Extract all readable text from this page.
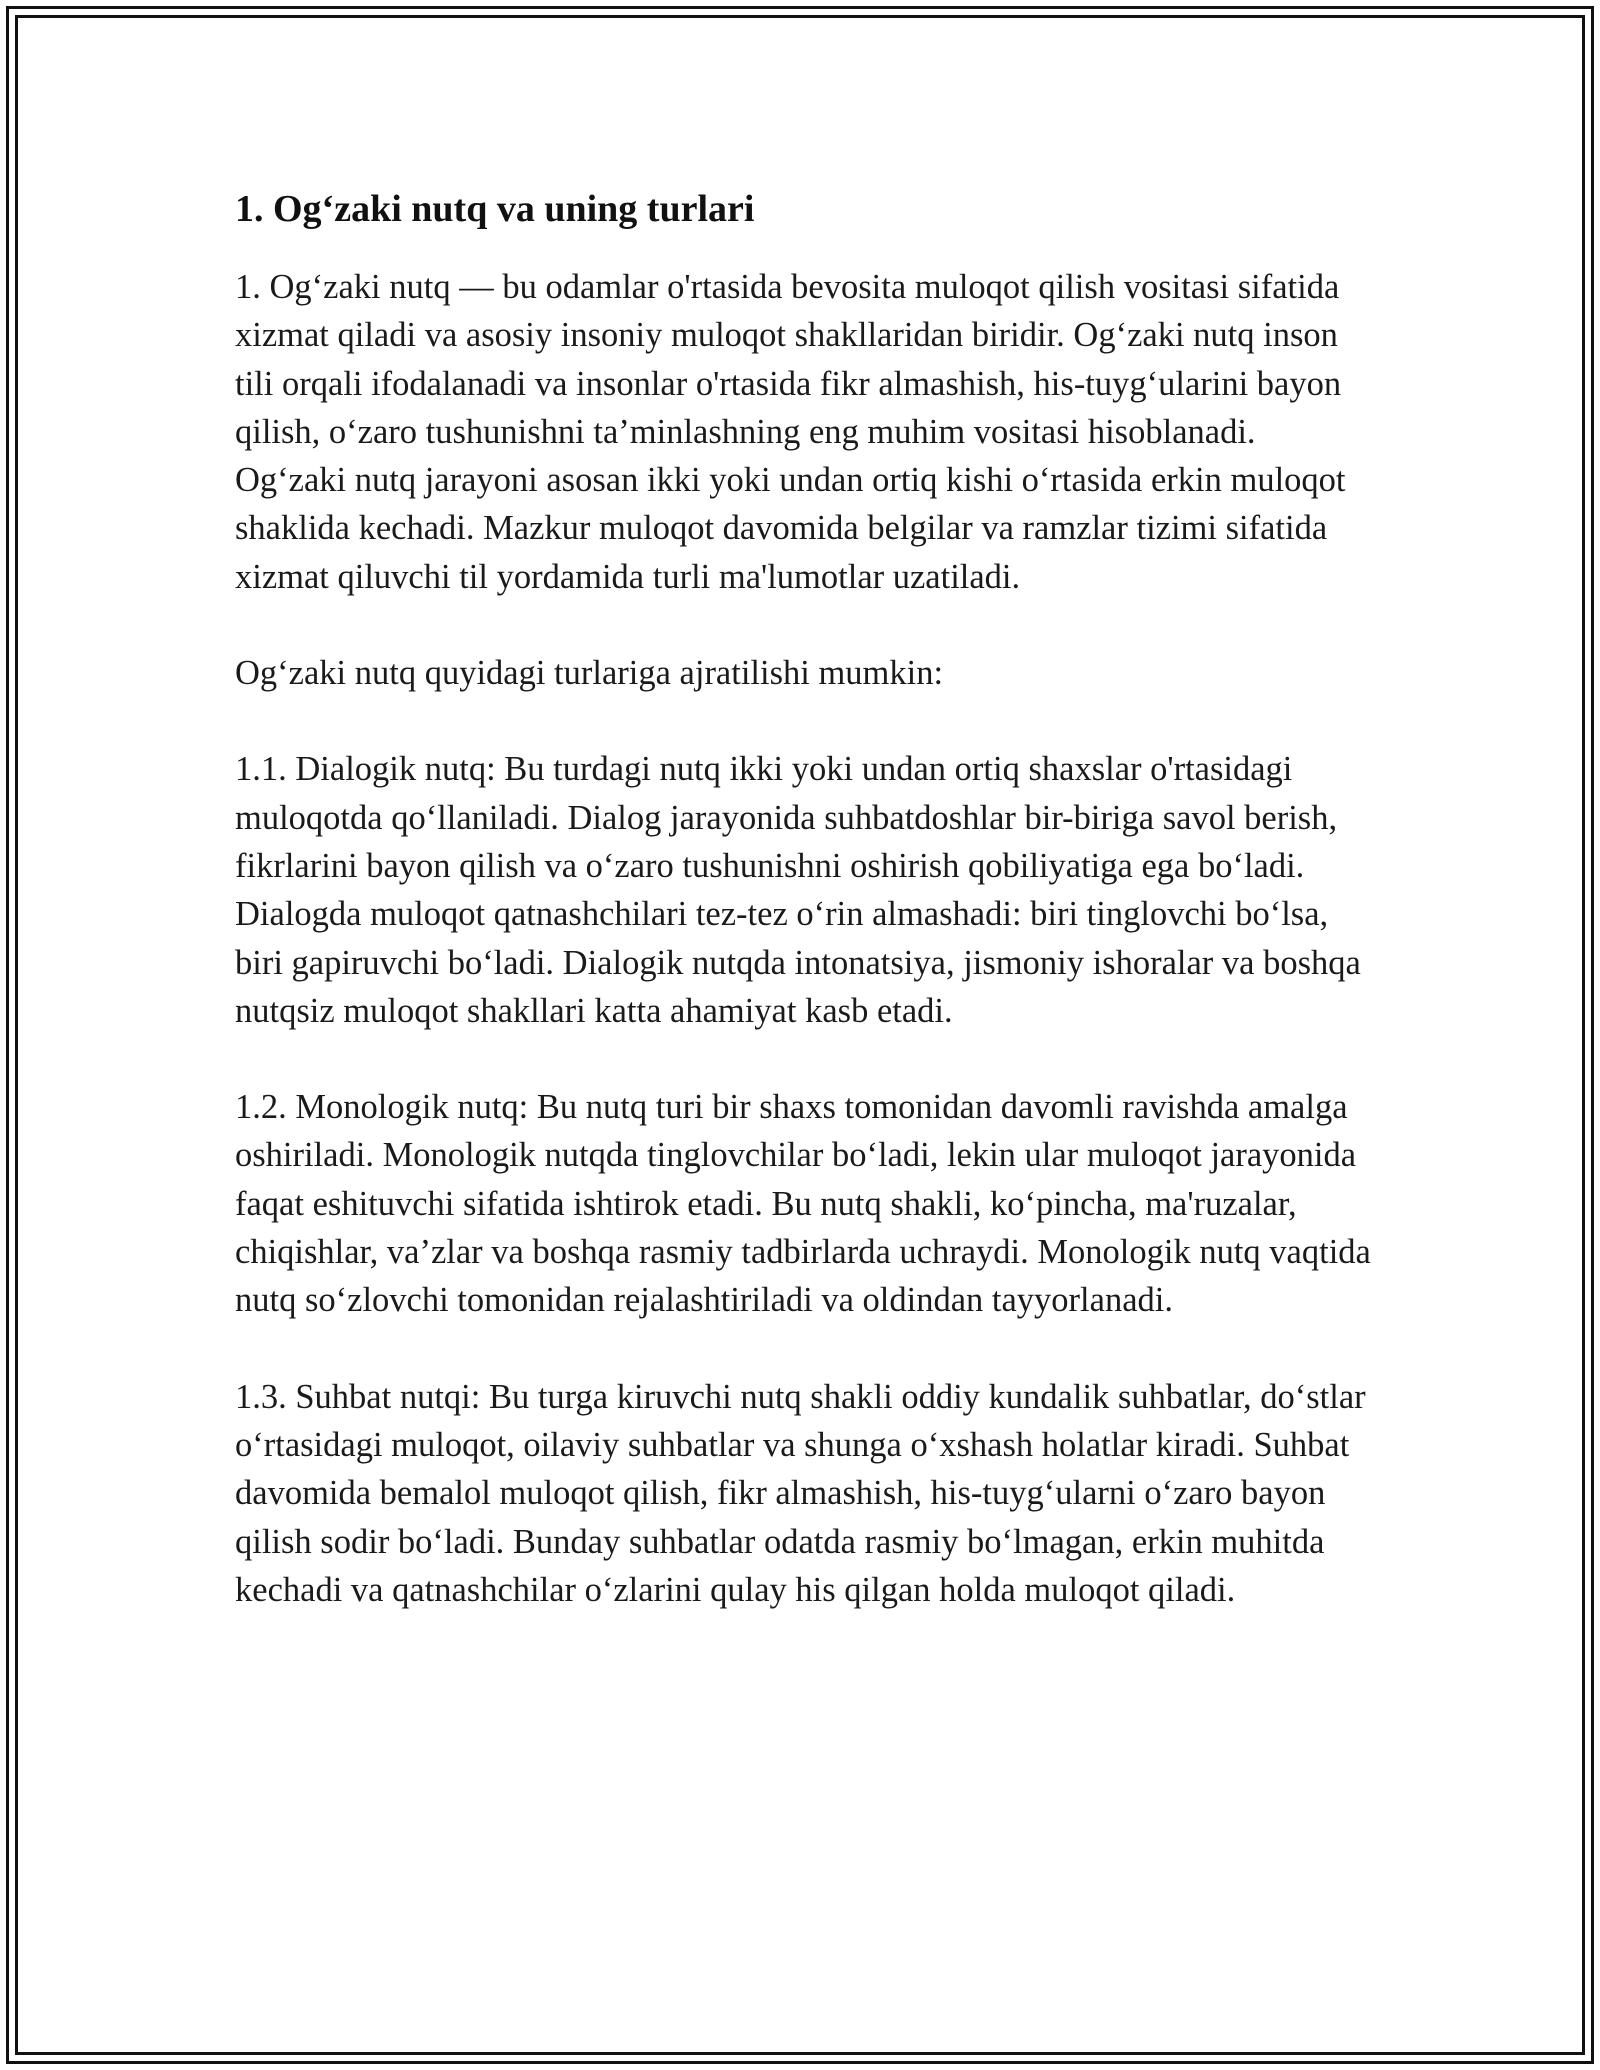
1. Og‘zaki nutq va uning turlari

1. Og‘zaki nutq — bu odamlar o'rtasida bevosita muloqot qilish vositasi sifatida xizmat qiladi va asosiy insoniy muloqot shakllaridan biridir. Og‘zaki nutq inson tili orqali ifodalanadi va insonlar o'rtasida fikr almashish, his-tuyg‘ularini bayon qilish, o‘zaro tushunishni ta’minlashning eng muhim vositasi hisoblanadi. Og‘zaki nutq jarayoni asosan ikki yoki undan ortiq kishi o‘rtasida erkin muloqot shaklida kechadi. Mazkur muloqot davomida belgilar va ramzlar tizimi sifatida xizmat qiluvchi til yordamida turli ma'lumotlar uzatiladi.

Og‘zaki nutq quyidagi turlariga ajratilishi mumkin:

1.1. Dialogik nutq: Bu turdagi nutq ikki yoki undan ortiq shaxslar o'rtasidagi muloqotda qo‘llaniladi. Dialog jarayonida suhbatdoshlar bir-biriga savol berish, fikrlarini bayon qilish va o‘zaro tushunishni oshirish qobiliyatiga ega bo‘ladi. Dialogda muloqot qatnashchilari tez-tez o‘rin almashadi: biri tinglovchi bo‘lsa, biri gapiruvchi bo‘ladi. Dialogik nutqda intonatsiya, jismoniy ishoralar va boshqa nutqsiz muloqot shakllari katta ahamiyat kasb etadi.

1.2. Monologik nutq: Bu nutq turi bir shaxs tomonidan davomli ravishda amalga oshiriladi. Monologik nutqda tinglovchilar bo‘ladi, lekin ular muloqot jarayonida faqat eshituvchi sifatida ishtirok etadi. Bu nutq shakli, ko‘pincha, ma'ruzalar, chiqishlar, va’zlar va boshqa rasmiy tadbirlarda uchraydi. Monologik nutq vaqtida nutq so‘zlovchi tomonidan rejalashtiriladi va oldindan tayyorlanadi.

1.3. Suhbat nutqi: Bu turga kiruvchi nutq shakli oddiy kundalik suhbatlar, do‘stlar o‘rtasidagi muloqot, oilaviy suhbatlar va shunga o‘xshash holatlar kiradi. Suhbat davomida bemalol muloqot qilish, fikr almashish, his-tuyg‘ularni o‘zaro bayon qilish sodir bo‘ladi. Bunday suhbatlar odatda rasmiy bo‘lmagan, erkin muhitda kechadi va qatnashchilar o‘zlarini qulay his qilgan holda muloqot qiladi.
